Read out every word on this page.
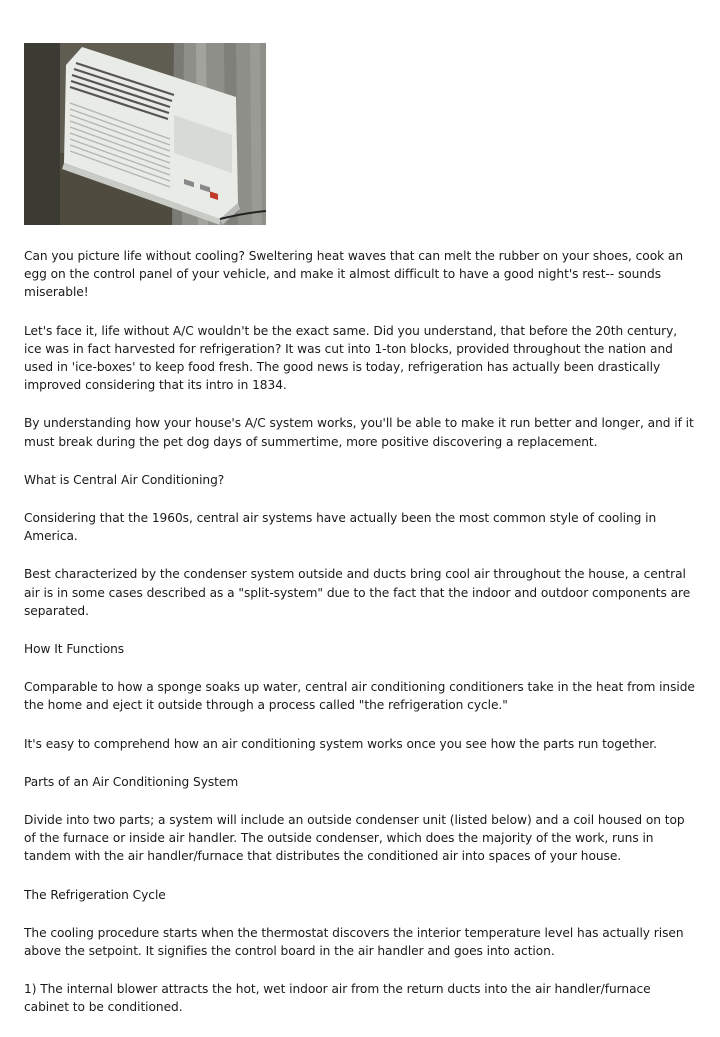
Can you picture life without cooling? Sweltering heat waves that can melt the rubber on your shoes, cook an egg on the control panel of your vehicle, and make it almost difficult to have a good night's rest-- sounds miserable!

Let's face it, life without A/C wouldn't be the exact same. Did you understand, that before the 20th century, ice was in fact harvested for refrigeration? It was cut into 1-ton blocks, provided throughout the nation and used in 'ice-boxes' to keep food fresh. The good news is today, refrigeration has actually been drastically improved considering that its intro in 1834.

By understanding how your house's A/C system works, you'll be able to make it run better and longer, and if it must break during the pet dog days of summertime, more positive discovering a replacement.

What is Central Air Conditioning?

Considering that the 1960s, central air systems have actually been the most common style of cooling in America.

Best characterized by the condenser system outside and ducts bring cool air throughout the house, a central air is in some cases described as a "split-system" due to the fact that the indoor and outdoor components are separated.

How It Functions

Comparable to how a sponge soaks up water, central air conditioning conditioners take in the heat from inside the home and eject it outside through a process called "the refrigeration cycle."

It's easy to comprehend how an air conditioning system works once you see how the parts run together.

Parts of an Air Conditioning System

Divide into two parts; a system will include an outside condenser unit (listed below) and a coil housed on top of the furnace or inside air handler. The outside condenser, which does the majority of the work, runs in tandem with the air handler/furnace that distributes the conditioned air into spaces of your house.

The Refrigeration Cycle

The cooling procedure starts when the thermostat discovers the interior temperature level has actually risen above the setpoint. It signifies the control board in the air handler and goes into action.

1) The internal blower attracts the hot, wet indoor air from the return ducts into the air handler/furnace cabinet to be conditioned.
